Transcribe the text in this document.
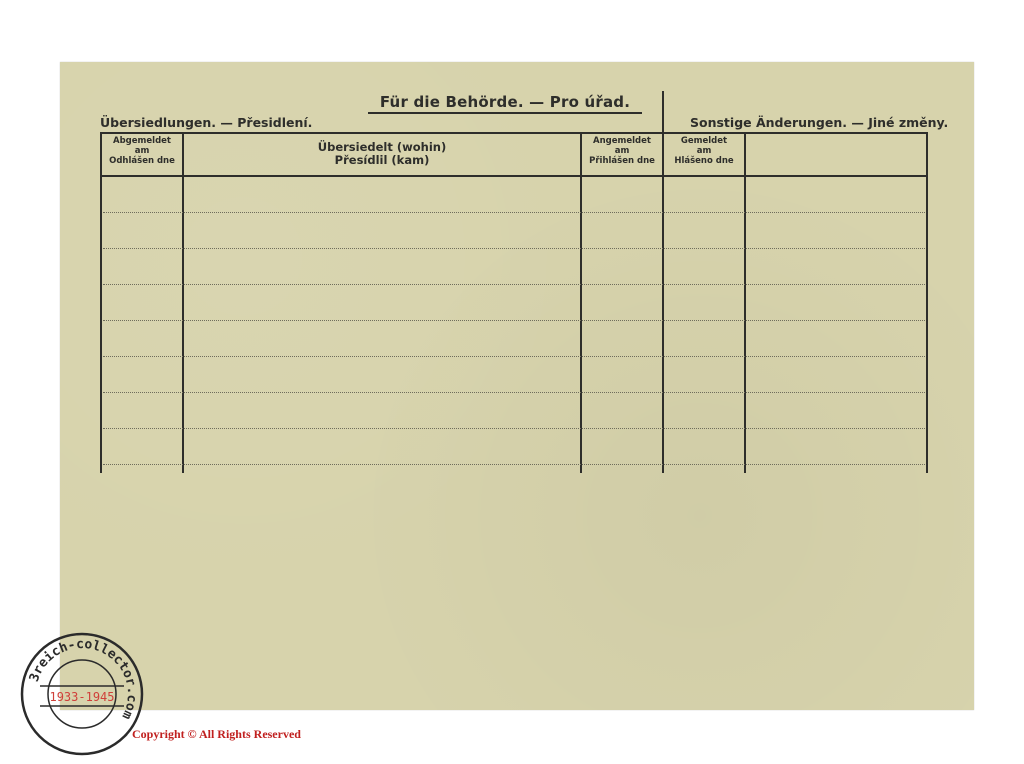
Für die Behörde. — Pro úřad.
Übersiedlungen. — Přesidlení.	Sonstige Änderungen. — Jiné změny.
Abgemeldet
am
Odhlášen dne
Übersiedelt (wohin)
Přesídlil (kam)
Angemeldet
am
Přihlášen dne
Gemeldet
am
Hlášeno dne
3reich-collector.com
1933-1945
Copyright © All Rights Reserved
